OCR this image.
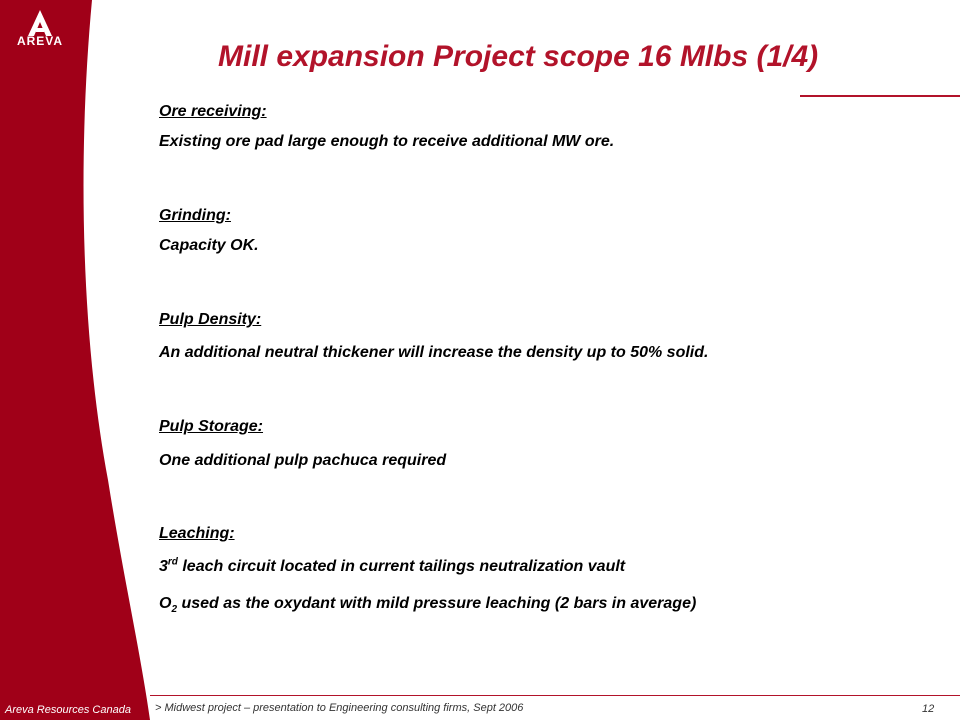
AREVA	Mill expansion Project scope 16 Mlbs (1/4)
Ore receiving:
Existing ore pad large enough to receive additional MW ore.
Grinding:
Capacity OK.
Pulp Density:
An additional neutral thickener will increase the density up to 50% solid.
Pulp Storage:
One additional pulp pachuca required
Leaching:
3rd leach circuit located in current tailings neutralization vault
$O_2$ used as the oxydant with mild pressure leaching (2 bars in average)
Areva Resources Canada > Midwest project – presentation to Engineering consulting firms, Sept 2006	12
